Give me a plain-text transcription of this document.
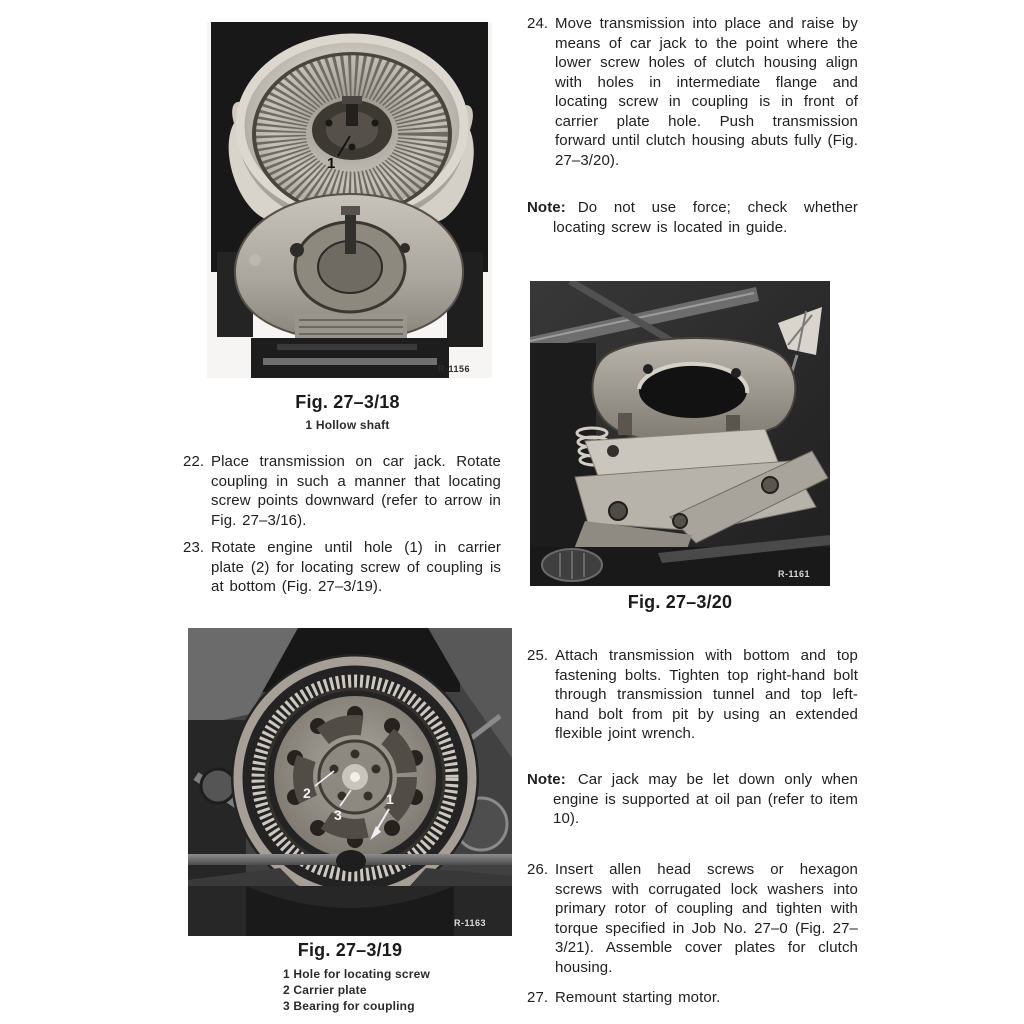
1
R-1156
Fig. 27–3/18
1 Hollow shaft

22. Place transmission on car jack. Rotate coupling in such a manner that locating screw points downward (refer to arrow in Fig. 27–3/16).

23. Rotate engine until hole (1) in carrier plate (2) for locating screw of coupling is at bottom (Fig. 27–3/19).

2
3
1
R-1163
Fig. 27–3/19
1 Hole for locating screw
2 Carrier plate
3 Bearing for coupling

24. Move transmission into place and raise by means of car jack to the point where the lower screw holes of clutch housing align with holes in intermediate flange and locating screw in coupling is in front of carrier plate hole. Push transmission forward until clutch housing abuts fully (Fig. 27–3/20).

Note: Do not use force; check whether locating screw is located in guide.

R-1161
Fig. 27–3/20

25. Attach transmission with bottom and top fastening bolts. Tighten top right-hand bolt through transmission tunnel and top left-hand bolt from pit by using an extended flexible joint wrench.

Note: Car jack may be let down only when engine is supported at oil pan (refer to item 10).

26. Insert allen head screws or hexagon screws with corrugated lock washers into primary rotor of coupling and tighten with torque specified in Job No. 27–0 (Fig. 27–3/21). Assemble cover plates for clutch housing.

27. Remount starting motor.
